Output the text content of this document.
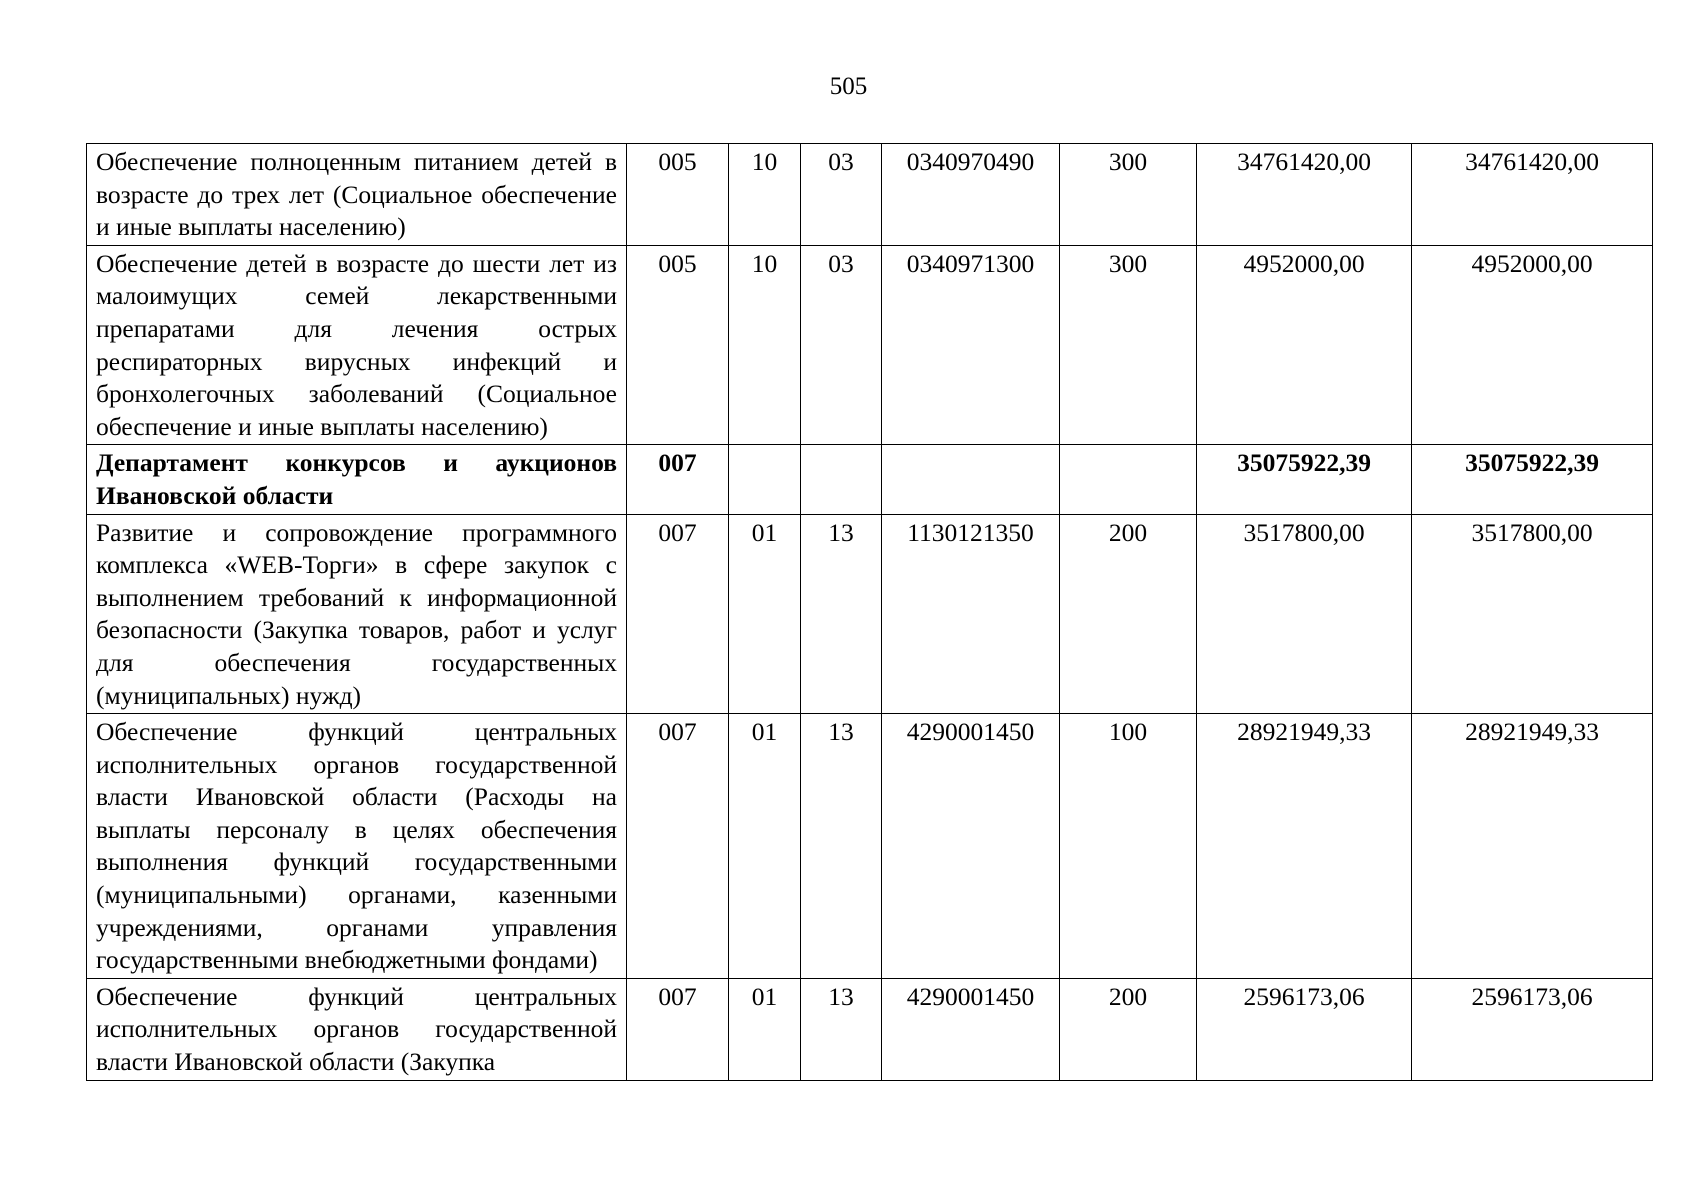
505
Обеспечение полноценным питанием детей в возрасте до трех лет (Социальное обеспечение и иные выплаты населению)	005	10	03	0340970490	300	34761420,00	34761420,00
Обеспечение детей в возрасте до шести лет из малоимущих семей лекарственными препаратами для лечения острых респираторных вирусных инфекций и бронхолегочных заболеваний (Социальное обеспечение и иные выплаты населению)	005	10	03	0340971300	300	4952000,00	4952000,00
Департамент конкурсов и аукционов Ивановской области	007					35075922,39	35075922,39
Развитие и сопровождение программного комплекса «WEB-Торги» в сфере закупок с выполнением требований к информационной безопасности (Закупка товаров, работ и услуг для обеспечения государственных (муниципальных) нужд)	007	01	13	1130121350	200	3517800,00	3517800,00
Обеспечение функций центральных исполнительных органов государственной власти Ивановской области (Расходы на выплаты персоналу в целях обеспечения выполнения функций государственными (муниципальными) органами, казенными учреждениями, органами управления государственными внебюджетными фондами)	007	01	13	4290001450	100	28921949,33	28921949,33
Обеспечение функций центральных исполнительных органов государственной власти Ивановской области (Закупка	007	01	13	4290001450	200	2596173,06	2596173,06
